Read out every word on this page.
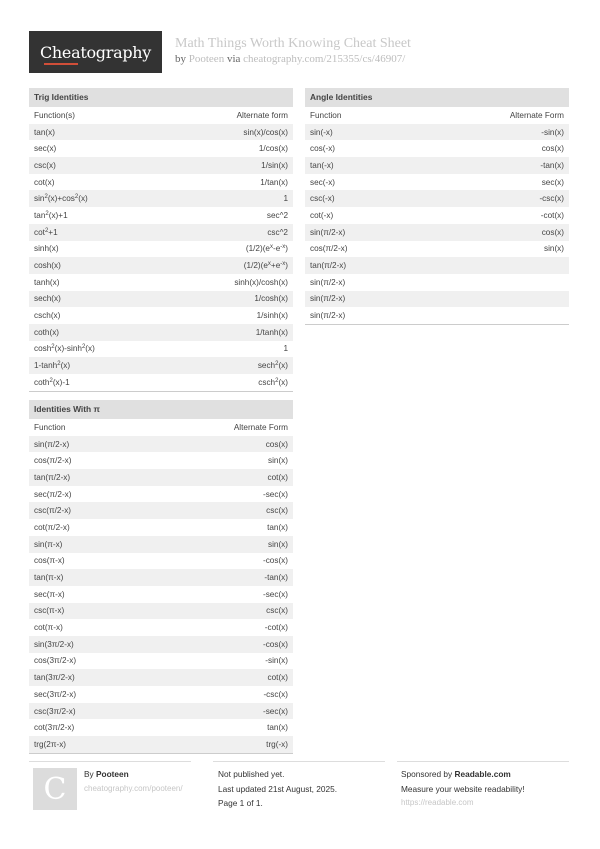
Cheatography Math Things Worth Knowing Cheat Sheet
by Pooteen via cheatography.com/215355/cs/46907/
Trig Identities
Function(s)	Alternate form
tan(x)	sin(x)/cos(x)
sec(x)	1/cos(x)
csc(x)	1/sin(x)
cot(x)	1/tan(x)
$\sin^2(x)+\cos^2(x)$	1
$\tan^2(x)+1$	sec^2
$\cot^2+1$	csc^2
sinh(x)	$(1/2)(e^x-e^{-x})$
cosh(x)	$(1/2)(e^x+e^{-x})$
tanh(x)	sinh(x)/cosh(x)
sech(x)	1/cosh(x)
csch(x)	1/sinh(x)
coth(x)	1/tanh(x)
$\cosh^2(x)-\sinh^2(x)$	1
$1-\tanh^2(x)$	sech$^2$(x)
coth$^2$(x)-1	csch$^2$(x)
Identities With π
Function	Alternate Form
sin(π/2-x)	cos(x)
cos(π/2-x)	sin(x)
tan(π/2-x)	cot(x)
sec(π/2-x)	-sec(x)
csc(π/2-x)	csc(x)
cot(π/2-x)	tan(x)
sin(π-x)	sin(x)
cos(π-x)	-cos(x)
tan(π-x)	-tan(x)
sec(π-x)	-sec(x)
csc(π-x)	csc(x)
cot(π-x)	-cot(x)
sin(3π/2-x)	-cos(x)
cos(3π/2-x)	-sin(x)
tan(3π/2-x)	cot(x)
sec(3π/2-x)	-csc(x)
csc(3π/2-x)	-sec(x)
cot(3π/2-x)	tan(x)
trg(2π-x)	trg(-x)
Angle Identities
Function	Alternate Form
sin(-x)	-sin(x)
cos(-x)	cos(x)
tan(-x)	-tan(x)
sec(-x)	sec(x)
csc(-x)	-csc(x)
cot(-x)	-cot(x)
sin(π/2-x)	cos(x)
cos(π/2-x)	sin(x)
tan(π/2-x)
sin(π/2-x)
sin(π/2-x)
sin(π/2-x)
C	By Pooteen
cheatography.com/pooteen/
Not published yet.
Last updated 21st August, 2025.
Page 1 of 1.
Sponsored by Readable.com
Measure your website readability!
https://readable.com
